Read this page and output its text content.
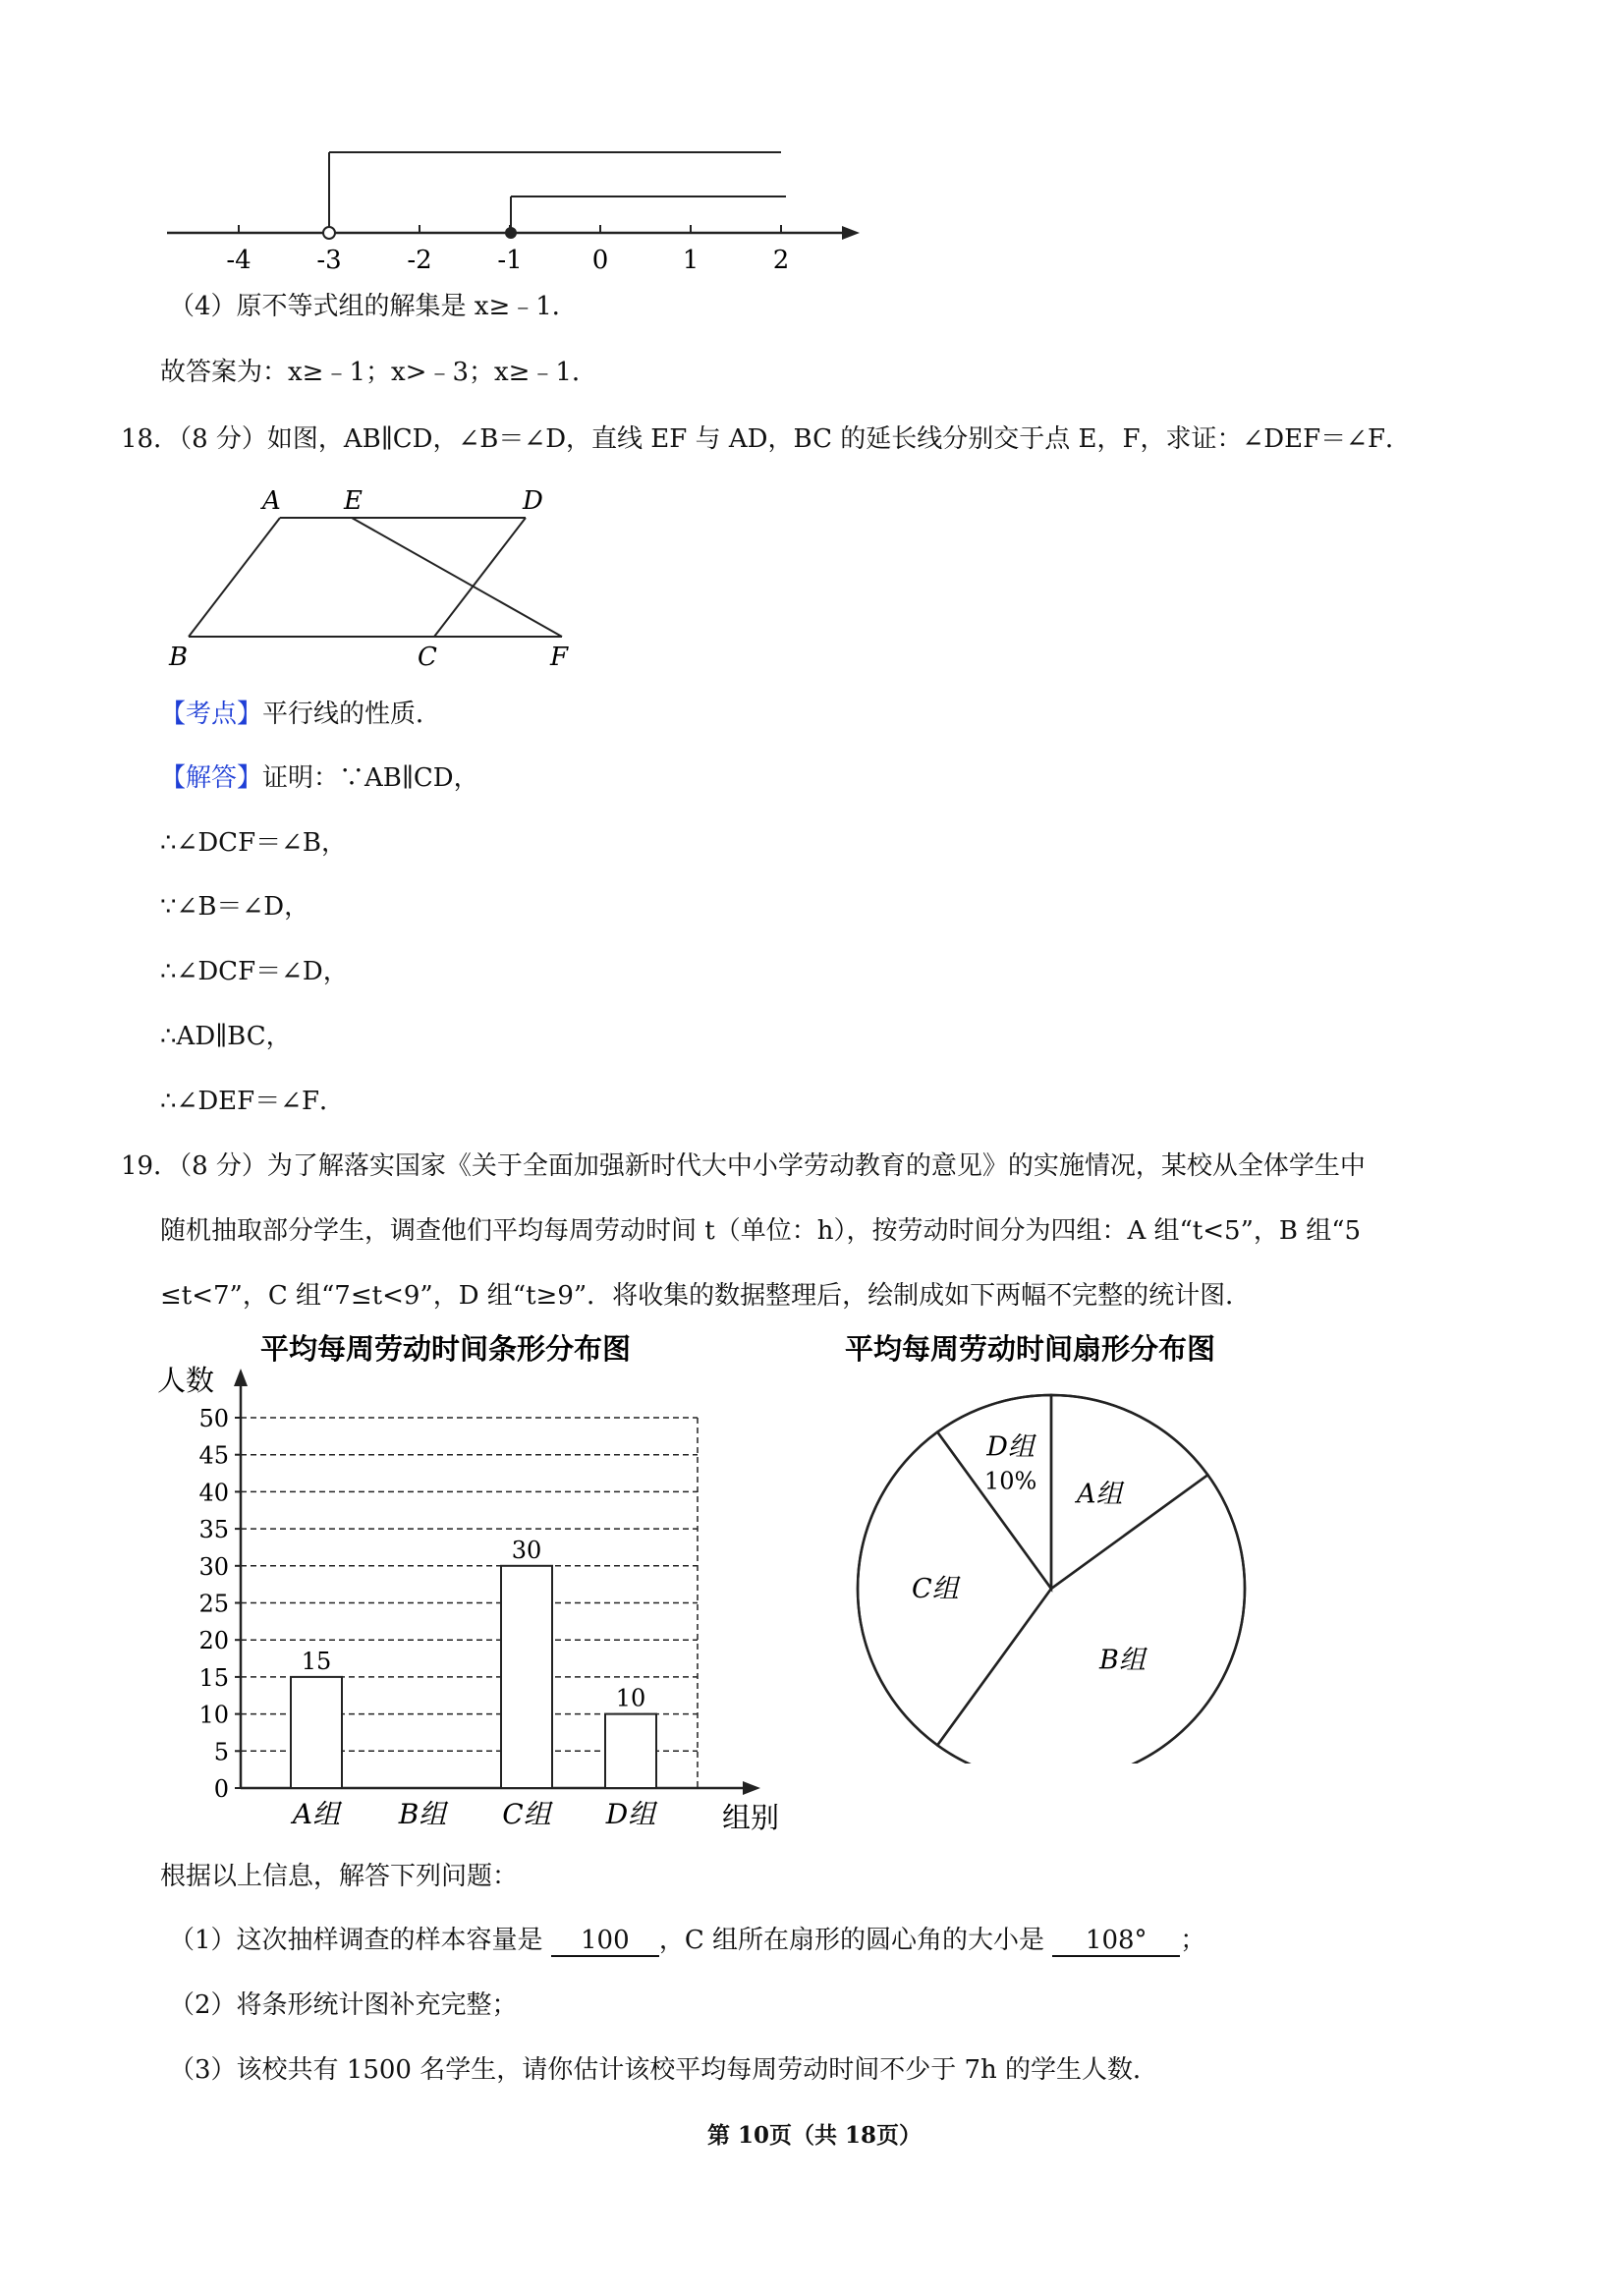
-4	-3	-2	-1	0	1	2
（4）原不等式组的解集是 x≥﹣1．
故答案为：x≥﹣1；x>﹣3；x≥﹣1．
18．（8 分）如图，AB∥CD，∠B＝∠D，直线 EF 与 AD，BC 的延长线分别交于点 E，F，求证：∠DEF＝∠F．
A E	D
B	C	F
【考点】平行线的性质．
【解答】证明：∵AB∥CD，
∴∠DCF＝∠B，
∵∠B＝∠D，
∴∠DCF＝∠D，
∴AD∥BC，
∴∠DEF＝∠F．
19．（8 分）为了解落实国家《关于全面加强新时代大中小学劳动教育的意见》的实施情况，某校从全体学生中
随机抽取部分学生，调查他们平均每周劳动时间 t（单位：h），按劳动时间分为四组：A 组“t<5”，B 组“5
≤t<7”，C 组“7≤t<9”，D 组“t≥9”．将收集的数据整理后，绘制成如下两幅不完整的统计图．
平均每周劳动时间条形分布图
人数
组别
0
5
10
15
20
25
30
35
40
45
50
15
A组 B组
30
C组
10
D组
平均每周劳动时间扇形分布图
A组
B组
C组
D组
10%
根据以上信息，解答下列问题：
（1）这次抽样调查的样本容量是 100 ，C 组所在扇形的圆心角的大小是 108° ；
（2）将条形统计图补充完整；
（3）该校共有 1500 名学生，请你估计该校平均每周劳动时间不少于 7h 的学生人数．
第 10页（共 18页）
